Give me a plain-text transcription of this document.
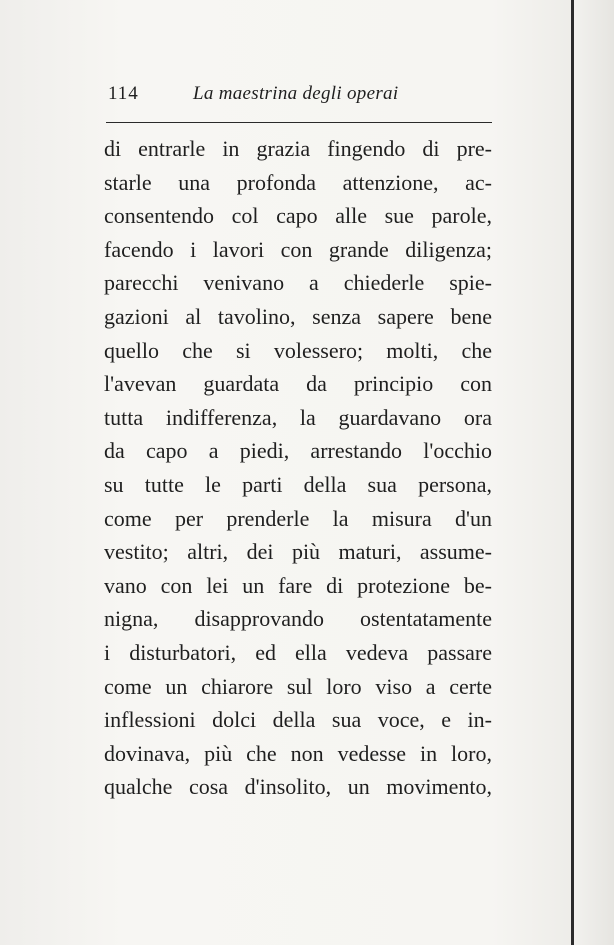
114	La maestrina degli operai
di entrarle in grazia fingendo di pre-
starle una profonda attenzione, ac-
consentendo col capo alle sue parole,
facendo i lavori con grande diligenza;
parecchi venivano a chiederle spie-
gazioni al tavolino, senza sapere bene
quello che si volessero; molti, che
l'avevan guardata da principio con
tutta indifferenza, la guardavano ora
da capo a piedi, arrestando l'occhio
su tutte le parti della sua persona,
come per prenderle la misura d'un
vestito; altri, dei più maturi, assume-
vano con lei un fare di protezione be-
nigna, disapprovando ostentatamente
i disturbatori, ed ella vedeva passare
come un chiarore sul loro viso a certe
inflessioni dolci della sua voce, e in-
dovinava, più che non vedesse in loro,
qualche cosa d'insolito, un movimento,
